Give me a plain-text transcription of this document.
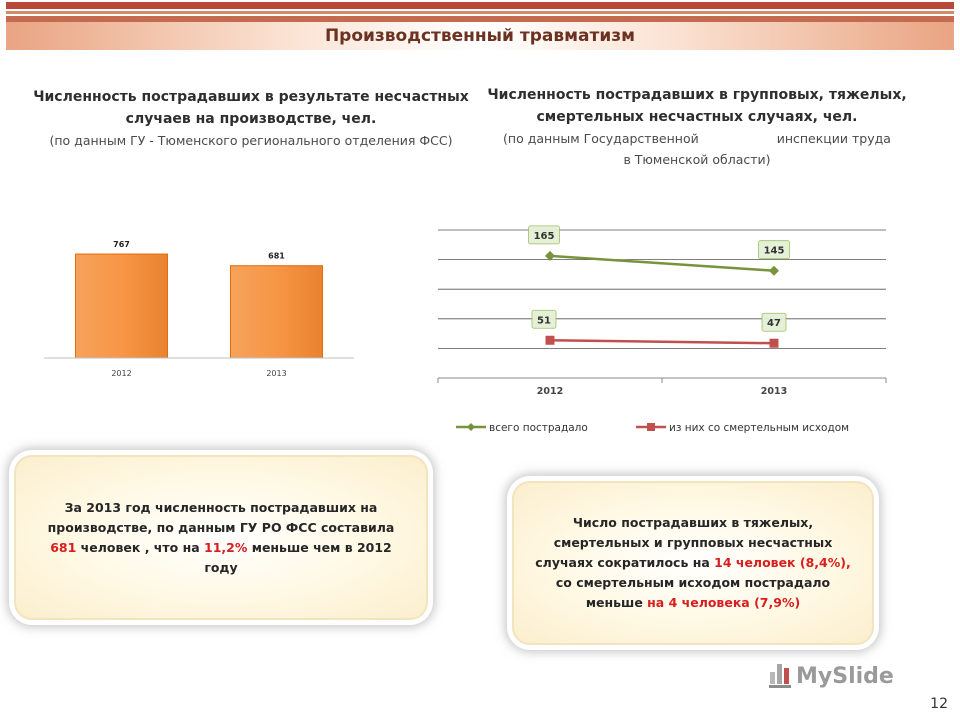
Производственный травматизм
Численность пострадавших в результате несчастных случаев на производстве, чел.
(по данным ГУ - Тюменского регионального отделения ФСС)
Численность пострадавших в групповых, тяжелых, смертельных несчастных случаях, чел.
(по данным Государственной	инспекции труда
в Тюменской области)
767
2012
681
2013
2012	2013
165
145
51	47
всего пострадало	из них со смертельным исходом
За 2013 год численность пострадавших на производстве, по данным ГУ РО ФСС составила 681 человек , что на 11,2% меньше чем в 2012 году
Число пострадавших в тяжелых, смертельных и групповых несчастных случаях сократилось на 14 человек (8,4%), со смертельным исходом пострадало меньше на 4 человека (7,9%)
MySlide
12
